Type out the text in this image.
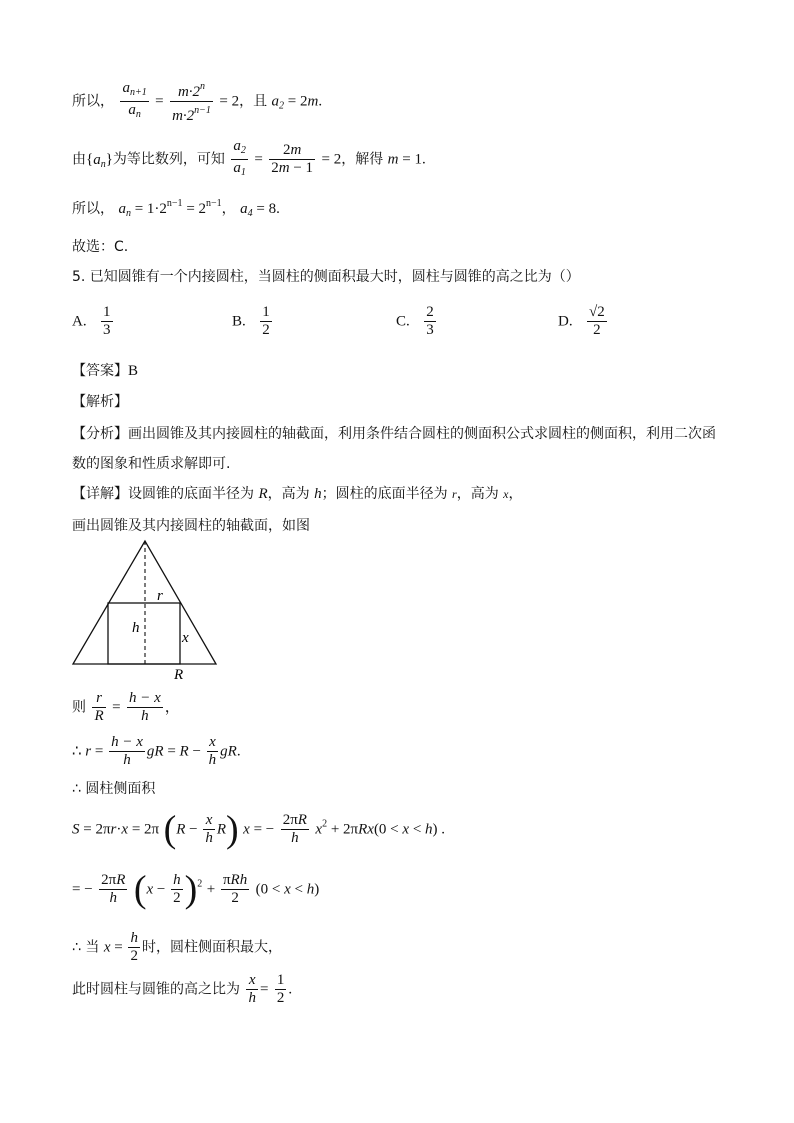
所以， $\frac{a_{n+1}}{a_n} = \frac{m\cdot 2^n}{m\cdot 2^{n-1}} = 2$，且 $a_2 = 2m$.
由$\{a_n\}$为等比数列，可知 $\frac{a_2}{a_1} = \frac{2m}{2m - 1} = 2$，解得 m = 1.
所以， $a_n = 1\cdot 2^{n-1} = 2^{n-1}$， $a_4 = 8$.
故选：C.
5. 已知圆锥有一个内接圆柱，当圆柱的侧面积最大时，圆柱与圆锥的高之比为（）
A. $\frac{1}{3}$	B. $\frac{1}{2}$	C. $\frac{2}{3}$	D. $\frac{√2}{2}$
【答案】B
【解析】
【分析】画出圆锥及其内接圆柱的轴截面，利用条件结合圆柱的侧面积公式求圆柱的侧面积，利用二次函
数的图象和性质求解即可.
【详解】设圆锥的底面半径为 R，高为 h；圆柱的底面半径为 r，高为 x，
画出圆锥及其内接圆柱的轴截面，如图
r
h
x
R
则 $\frac{r}{R} = \frac{h - x}{h}$ ，
∴ $r = \frac{h - x}{h}$ gR = $R - \frac{x}{h}$ gR.
∴ 圆柱侧面积
S = 2πr·x = 2π $(R - \frac{x}{h} R)$ x = − $\frac{2\pi R}{h} x^2 + 2\pi Rx(0 < x < h)$ .
= − $\frac{2\pi R}{h} (x - \frac{h}{2} )^2 + \frac{\text{πRh}}{2} (0 < x < h)$
∴ 当 $x = \frac{h}{2}$ 时，圆柱侧面积最大，
此时圆柱与圆锥的高之比为 $\frac{x}{h} = \frac{1}{2}$ .
